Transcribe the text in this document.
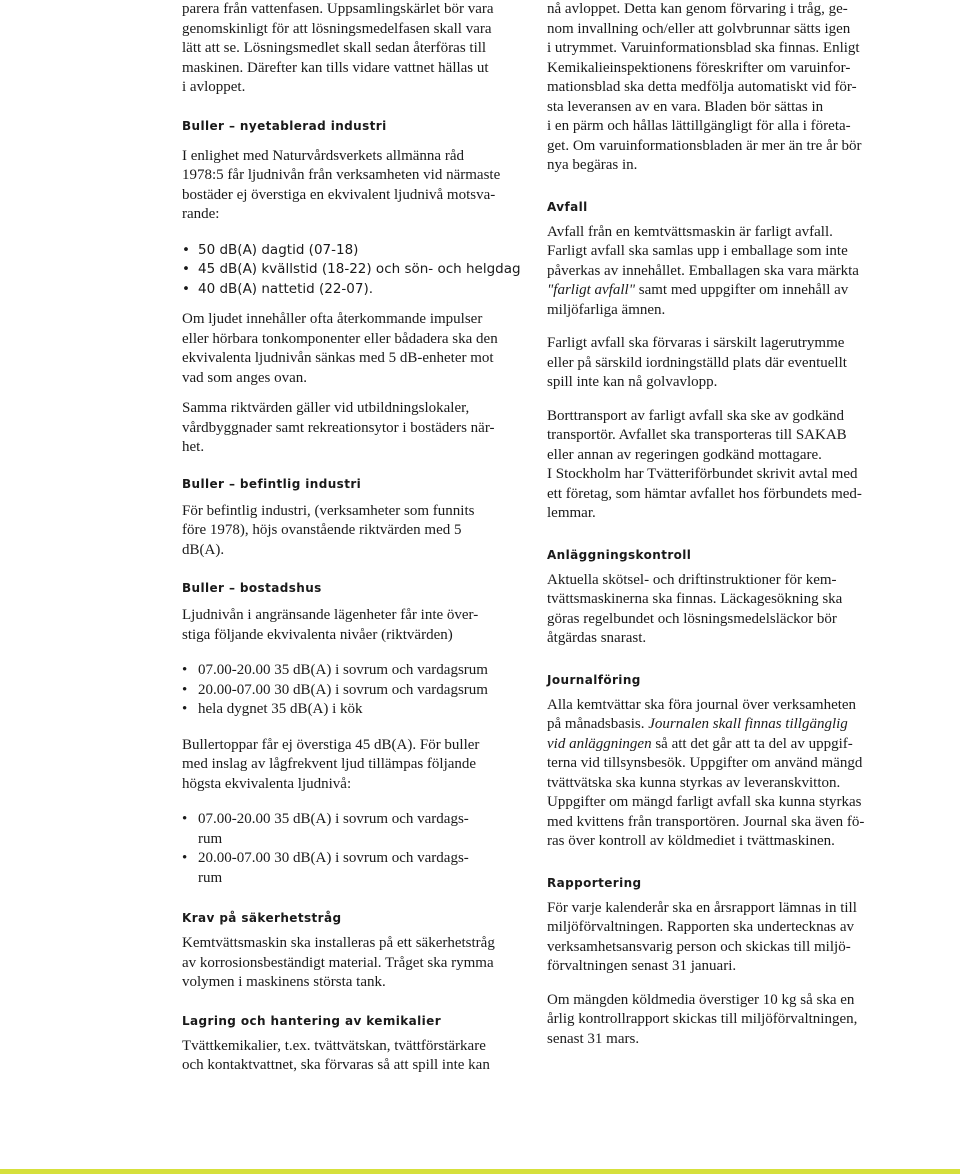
parera från vattenfasen. Uppsamlingskärlet bör vara
genomskinligt för att lösningsmedelfasen skall vara
lätt att se. Lösningsmedlet skall sedan återföras till
maskinen. Därefter kan tills vidare vattnet hällas ut
i avloppet.

Buller – nyetablerad industri

I enlighet med Naturvårdsverkets allmänna råd
1978:5 får ljudnivån från verksamheten vid närmaste
bostäder ej överstiga en ekvivalent ljudnivå motsva-
rande:

• 50 dB(A) dagtid (07-18)
• 45 dB(A) kvällstid (18-22) och sön- och helgdag
• 40 dB(A) nattetid (22-07).

Om ljudet innehåller ofta återkommande impulser
eller hörbara tonkomponenter eller bådadera ska den
ekvivalenta ljudnivån sänkas med 5 dB-enheter mot
vad som anges ovan.

Samma riktvärden gäller vid utbildningslokaler,
vårdbyggnader samt rekreationsytor i bostäders när-
het.

Buller – befintlig industri

För befintlig industri, (verksamheter som funnits
före 1978), höjs ovanstående riktvärden med 5
dB(A).

Buller – bostadshus

Ljudnivån i angränsande lägenheter får inte över-
stiga följande ekvivalenta nivåer (riktvärden)

• 07.00-20.00 35 dB(A) i sovrum och vardagsrum
• 20.00-07.00 30 dB(A) i sovrum och vardagsrum
• hela dygnet 35 dB(A) i kök

Bullertoppar får ej överstiga 45 dB(A). För buller
med inslag av lågfrekvent ljud tillämpas följande
högsta ekvivalenta ljudnivå:

• 07.00-20.00 35 dB(A) i sovrum och vardags-
rum
• 20.00-07.00 30 dB(A) i sovrum och vardags-
rum

Krav på säkerhetstråg

Kemtvättsmaskin ska installeras på ett säkerhetstråg
av korrosionsbeständigt material. Tråget ska rymma
volymen i maskinens största tank.

Lagring och hantering av kemikalier

Tvättkemikalier, t.ex. tvättvätskan, tvättförstärkare
och kontaktvattnet, ska förvaras så att spill inte kan

nå avloppet. Detta kan genom förvaring i tråg, ge-
nom invallning och/eller att golvbrunnar sätts igen
i utrymmet. Varuinformationsblad ska finnas. Enligt
Kemikalieinspektionens föreskrifter om varuinfor-
mationsblad ska detta medfölja automatiskt vid för-
sta leveransen av en vara. Bladen bör sättas in
i en pärm och hållas lättillgängligt för alla i företa-
get. Om varuinformationsbladen är mer än tre år bör
nya begäras in.

Avfall

Avfall från en kemtvättsmaskin är farligt avfall.
Farligt avfall ska samlas upp i emballage som inte
påverkas av innehållet. Emballagen ska vara märkta
"farligt avfall" samt med uppgifter om innehåll av
miljöfarliga ämnen.

Farligt avfall ska förvaras i särskilt lagerutrymme
eller på särskild iordningställd plats där eventuellt
spill inte kan nå golvavlopp.

Borttransport av farligt avfall ska ske av godkänd
transportör. Avfallet ska transporteras till SAKAB
eller annan av regeringen godkänd mottagare.
I Stockholm har Tvätteriförbundet skrivit avtal med
ett företag, som hämtar avfallet hos förbundets med-
lemmar.

Anläggningskontroll

Aktuella skötsel- och driftinstruktioner för kem-
tvättsmaskinerna ska finnas. Läckagesökning ska
göras regelbundet och lösningsmedelsläckor bör
åtgärdas snarast.

Journalföring

Alla kemtvättar ska föra journal över verksamheten
på månadsbasis. Journalen skall finnas tillgänglig
vid anläggningen så att det går att ta del av uppgif-
terna vid tillsynsbesök. Uppgifter om använd mängd
tvättvätska ska kunna styrkas av leveranskvitton.
Uppgifter om mängd farligt avfall ska kunna styrkas
med kvittens från transportören. Journal ska även fö-
ras över kontroll av köldmediet i tvättmaskinen.

Rapportering

För varje kalenderår ska en årsrapport lämnas in till
miljöförvaltningen. Rapporten ska undertecknas av
verksamhetsansvarig person och skickas till miljö-
förvaltningen senast 31 januari.

Om mängden köldmedia överstiger 10 kg så ska en
årlig kontrollrapport skickas till miljöförvaltningen,
senast 31 mars.
